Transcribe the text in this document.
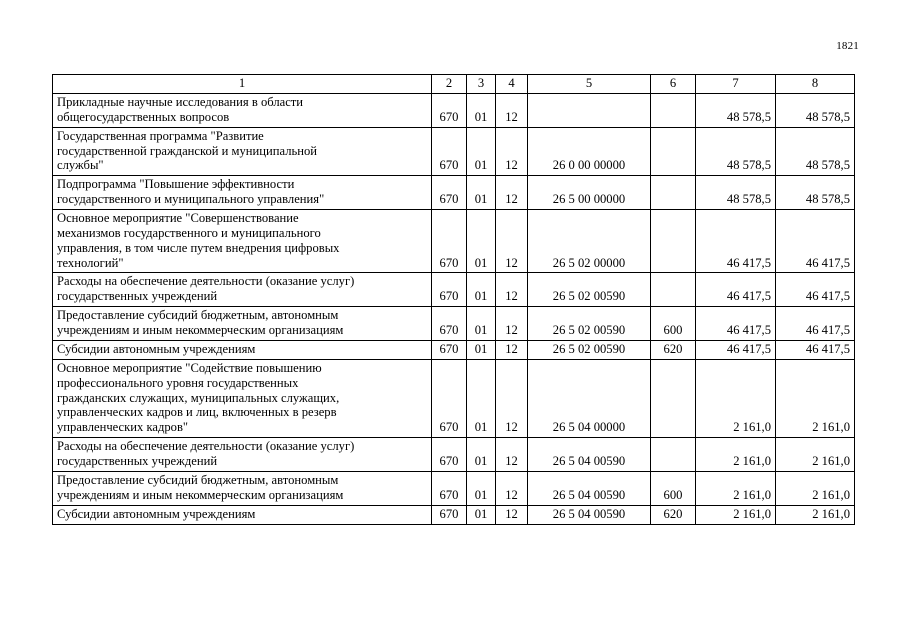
1821
1	2	3	4	5	6	7	8

Прикладные научные исследования в области
общегосударственных вопросов	670	01	12			48 578,5	48 578,5

Государственная программа "Развитие
государственной гражданской и муниципальной
службы"	670	01	12	26 0 00 00000		48 578,5	48 578,5

Подпрограмма "Повышение эффективности
государственного и муниципального управления"	670	01	12	26 5 00 00000		48 578,5	48 578,5

Основное мероприятие "Совершенствование
механизмов государственного и муниципального
управления, в том числе путем внедрения цифровых
технологий"	670	01	12	26 5 02 00000		46 417,5	46 417,5

Расходы на обеспечение деятельности (оказание услуг)
государственных учреждений	670	01	12	26 5 02 00590		46 417,5	46 417,5

Предоставление субсидий бюджетным, автономным
учреждениям и иным некоммерческим организациям	670	01	12	26 5 02 00590	600	46 417,5	46 417,5

Субсидии автономным учреждениям	670	01	12	26 5 02 00590	620	46 417,5	46 417,5

Основное мероприятие "Содействие повышению
профессионального уровня государственных
гражданских служащих, муниципальных служащих,
управленческих кадров и лиц, включенных в резерв
управленческих кадров"	670	01	12	26 5 04 00000		2 161,0	2 161,0

Расходы на обеспечение деятельности (оказание услуг)
государственных учреждений	670	01	12	26 5 04 00590		2 161,0	2 161,0

Предоставление субсидий бюджетным, автономным
учреждениям и иным некоммерческим организациям	670	01	12	26 5 04 00590	600	2 161,0	2 161,0

Субсидии автономным учреждениям	670	01	12	26 5 04 00590	620	2 161,0	2 161,0
